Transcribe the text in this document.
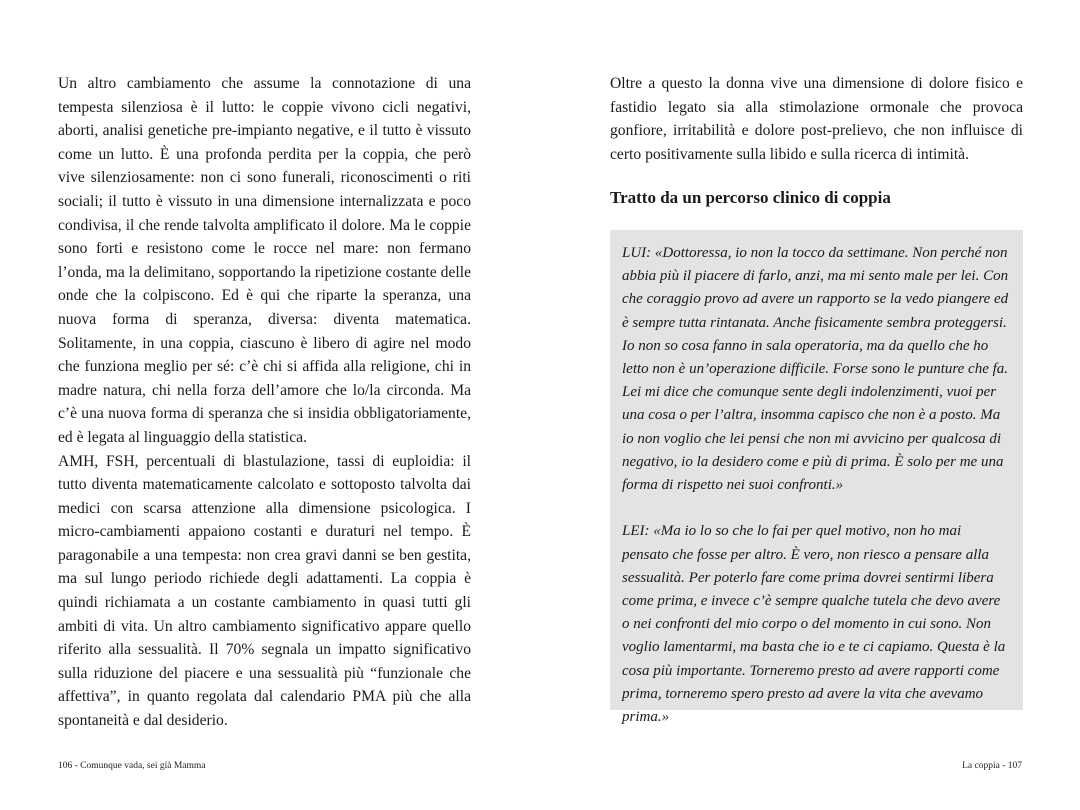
Un altro cambiamento che assume la connotazione di una tempesta silenziosa è il lutto: le coppie vivono cicli negativi, aborti, analisi genetiche pre-impianto negative, e il tutto è vissuto come un lutto. È una profonda perdita per la coppia, che però vive silenziosamente: non ci sono funerali, riconoscimenti o riti sociali; il tutto è vissuto in una dimensione internalizzata e poco condivisa, il che rende talvolta amplificato il dolore. Ma le coppie sono forti e resistono come le rocce nel mare: non fermano l’onda, ma la delimitano, sopportando la ripetizione costante delle onde che la colpiscono. Ed è qui che riparte la speranza, una nuova forma di speranza, diversa: diventa matematica. Solitamente, in una coppia, ciascuno è libero di agire nel modo che funziona meglio per sé: c’è chi si affida alla religione, chi in madre natura, chi nella forza dell’amore che lo/la circonda. Ma c’è una nuova forma di speranza che si insidia obbligatoriamente, ed è legata al linguaggio della statistica.

AMH, FSH, percentuali di blastulazione, tassi di euploidia: il tutto diventa matematicamente calcolato e sottoposto talvolta dai medici con scarsa attenzione alla dimensione psicologica. I micro-cambiamenti appaiono costanti e duraturi nel tempo. È paragonabile a una tempesta: non crea gravi danni se ben gestita, ma sul lungo periodo richiede degli adattamenti. La coppia è quindi richiamata a un costante cambiamento in quasi tutti gli ambiti di vita. Un altro cambiamento significativo appare quello riferito alla sessualità. Il 70% segnala un impatto significativo sulla riduzione del piacere e una sessualità più “funzionale che affettiva”, in quanto regolata dal calendario PMA più che alla spontaneità e dal desiderio.

106 - Comunque vada, sei già Mamma
Oltre a questo la donna vive una dimensione di dolore fisico e fastidio legato sia alla stimolazione ormonale che provoca gonfiore, irritabilità e dolore post-prelievo, che non influisce di certo positivamente sulla libido e sulla ricerca di intimità.
Tratto da un percorso clinico di coppia

LUI: «Dottoressa, io non la tocco da settimane. Non perché non abbia più il piacere di farlo, anzi, ma mi sento male per lei. Con che coraggio provo ad avere un rapporto se la vedo piangere ed è sempre tutta rintanata. Anche fisicamente sembra proteggersi. Io non so cosa fanno in sala operatoria, ma da quello che ho letto non è un’operazione difficile. Forse sono le punture che fa. Lei mi dice che comunque sente degli indolenzimenti, vuoi per una cosa o per l’altra, insomma capisco che non è a posto. Ma io non voglio che lei pensi che non mi avvicino per qualcosa di negativo, io la desidero come e più di prima. È solo per me una forma di rispetto nei suoi confronti.»

LEI: «Ma io lo so che lo fai per quel motivo, non ho mai pensato che fosse per altro. È vero, non riesco a pensare alla sessualità. Per poterlo fare come prima dovrei sentirmi libera come prima, e invece c’è sempre qualche tutela che devo avere o nei confronti del mio corpo o del momento in cui sono. Non voglio lamentarmi, ma basta che io e te ci capiamo. Questa è la cosa più importante. Torneremo presto ad avere rapporti come prima, torneremo spero presto ad avere la vita che avevamo prima.»

La coppia - 107
